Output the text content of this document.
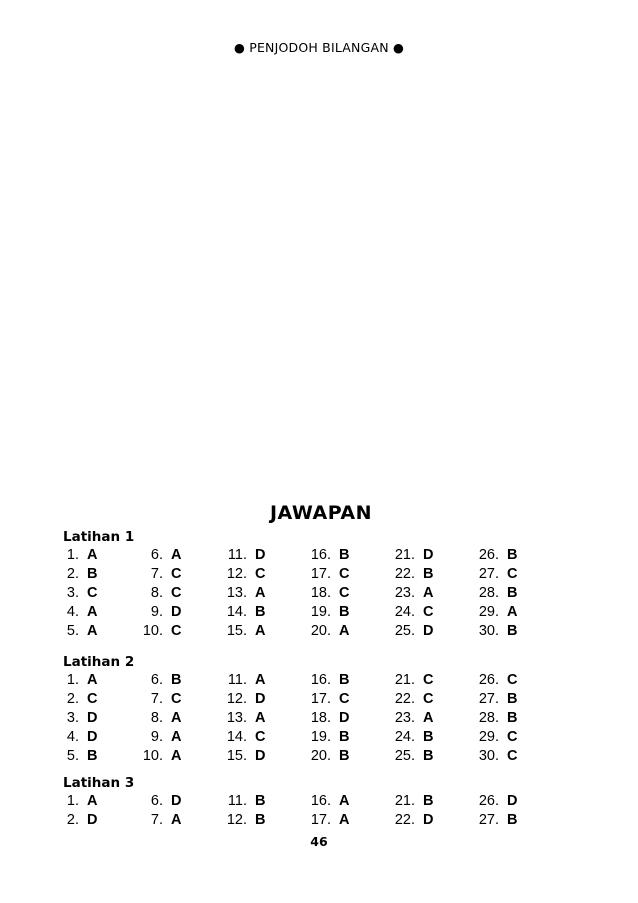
● PENJODOH BILANGAN ●
JAWAPAN
Latihan 1
1. A
2. B
3. C
4. A
5. A
6. A
7. C
8. C
9. D
10. C
11. D
12. C
13. A
14. B
15. A
16. B
17. C
18. C
19. B
20. A
21. D
22. B
23. A
24. C
25. D
26. B
27. C
28. B
29. A
30. B
Latihan 2
1. A
2. C
3. D
4. D
5. B
6. B
7. C
8. A
9. A
10. A
11. A
12. D
13. A
14. C
15. D
16. B
17. C
18. D
19. B
20. B
21. C
22. C
23. A
24. B
25. B
26. C
27. B
28. B
29. C
30. C
Latihan 3
1. A
2. D
6. D
7. A
11. B
12. B
16. A
17. A
21. B
22. D
26. D
27. B
46
